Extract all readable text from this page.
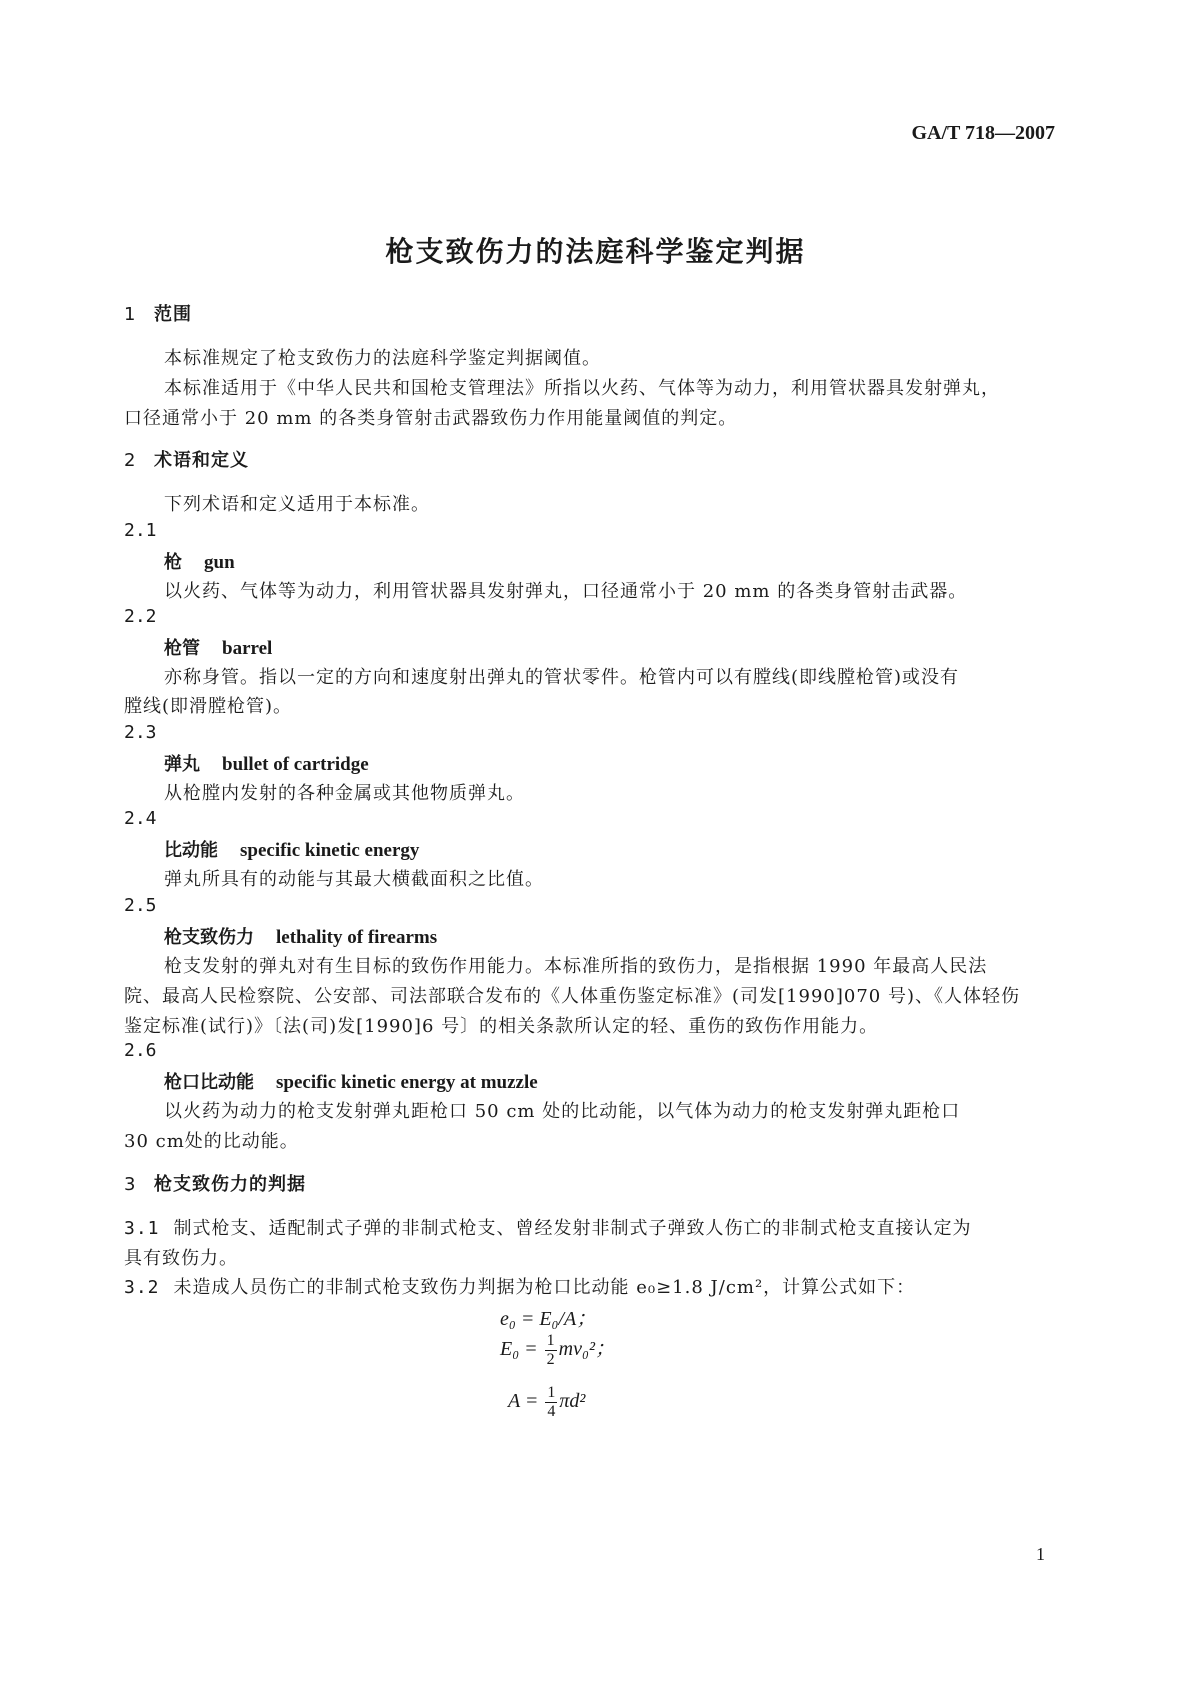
GA/T 718—2007
枪支致伤力的法庭科学鉴定判据
1 范围
本标准规定了枪支致伤力的法庭科学鉴定判据阈值。
本标准适用于《中华人民共和国枪支管理法》所指以火药、气体等为动力，利用管状器具发射弹丸，
口径通常小于 20 mm 的各类身管射击武器致伤力作用能量阈值的判定。
2 术语和定义
下列术语和定义适用于本标准。
2.1
枪 gun
以火药、气体等为动力，利用管状器具发射弹丸，口径通常小于 20 mm 的各类身管射击武器。
2.2
枪管 barrel
亦称身管。指以一定的方向和速度射出弹丸的管状零件。枪管内可以有膛线(即线膛枪管)或没有
膛线(即滑膛枪管)。
2.3
弹丸 bullet of cartridge
从枪膛内发射的各种金属或其他物质弹丸。
2.4
比动能 specific kinetic energy
弹丸所具有的动能与其最大横截面积之比值。
2.5
枪支致伤力 lethality of firearms
枪支发射的弹丸对有生目标的致伤作用能力。本标准所指的致伤力，是指根据 1990 年最高人民法
院、最高人民检察院、公安部、司法部联合发布的《人体重伤鉴定标准》(司发[1990]070 号)、《人体轻伤
鉴定标准(试行)》〔法(司)发[1990]6 号〕的相关条款所认定的轻、重伤的致伤作用能力。
2.6
枪口比动能 specific kinetic energy at muzzle
以火药为动力的枪支发射弹丸距枪口 50 cm 处的比动能，以气体为动力的枪支发射弹丸距枪口
30 cm处的比动能。
3 枪支致伤力的判据
3.1 制式枪支、适配制式子弹的非制式枪支、曾经发射非制式子弹致人伤亡的非制式枪支直接认定为
具有致伤力。
3.2 未造成人员伤亡的非制式枪支致伤力判据为枪口比动能 e₀≥1.8 J/cm²，计算公式如下：
e₀ = E₀/A；
$E_0 = \frac{1}{2} mv_0^2$；
$A = \frac{1}{4} \pi d^2$
1
